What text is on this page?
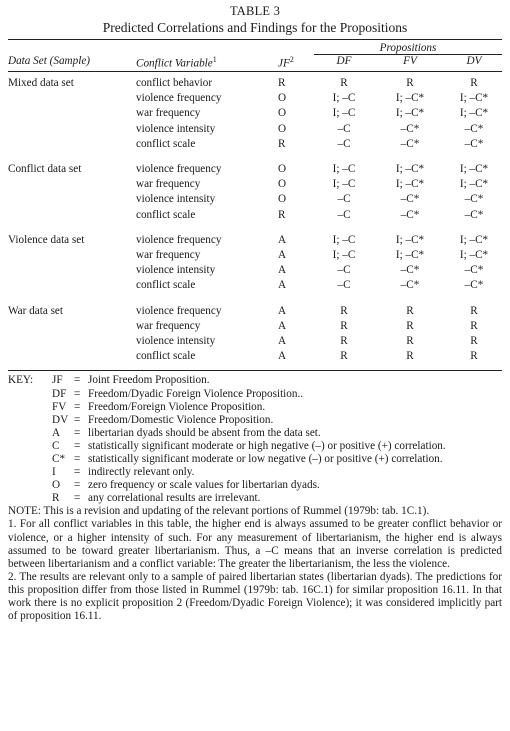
TABLE 3
Predicted Correlations and Findings for the Propositions
			Propositions		
Data Set (Sample)	Conflict Variable$^1$	$JF^2$	DF	FV	DV

Mixed data set	conflict behavior	R	R	R	R
	violence frequency	O	I; –C	I; –C*	I; –C*
	war frequency	O	I; –C	I; –C*	I; –C*
	violence intensity	O	–C	–C*	–C*
	conflict scale	R	–C	–C*	–C*

Conflict data set	violence frequency	O	I; –C	I; –C*	I; –C*
	war frequency	O	I; –C	I; –C*	I; –C*
	violence intensity	O	–C	–C*	–C*
	conflict scale	R	–C	–C*	–C*

Violence data set	violence frequency	A	I; –C	I; –C*	I; –C*
	war frequency	A	I; –C	I; –C*	I; –C*
	violence intensity	A	–C	–C*	–C*
	conflict scale	A	–C	–C*	–C*

War data set	violence frequency	A	R	R	R
	war frequency	A	R	R	R
	violence intensity	A	R	R	R
	conflict scale	A	R	R	R
KEY:	JF	= Joint Freedom Proposition.
DF = Freedom/Dyadic Foreign Violence Proposition..
FV = Freedom/Foreign Violence Proposition.
DV = Freedom/Domestic Violence Proposition.
A	= libertarian dyads should be absent from the data set.
C	= statistically significant moderate or high negative (–) or positive (+) correlation.
C* = statistically significant moderate or low negative (–) or positive (+) correlation.
I	= indirectly relevant only.
O	= zero frequency or scale values for libertarian dyads.
R	= any correlational results are irrelevant.

NOTE: This is a revision and updating of the relevant portions of Rummel (1979b: tab. 1C.1).

1. For all conflict variables in this table, the higher end is always assumed to be greater conflict behavior or violence, or a higher intensity of such. For any measurement of libertarianism, the higher end is always assumed to be toward greater libertarianism. Thus, a –C means that an inverse correlation is predicted between libertarianism and a conflict variable: The greater the libertarianism, the less the violence.

2. The results are relevant only to a sample of paired libertarian states (libertarian dyads). The predictions for this proposition differ from those listed in Rummel (1979b: tab. 16C.1) for similar proposition 16.11. In that work there is no explicit proposition 2 (Freedom/Dyadic Foreign Violence); it was considered implicitly part of proposition 16.11.
